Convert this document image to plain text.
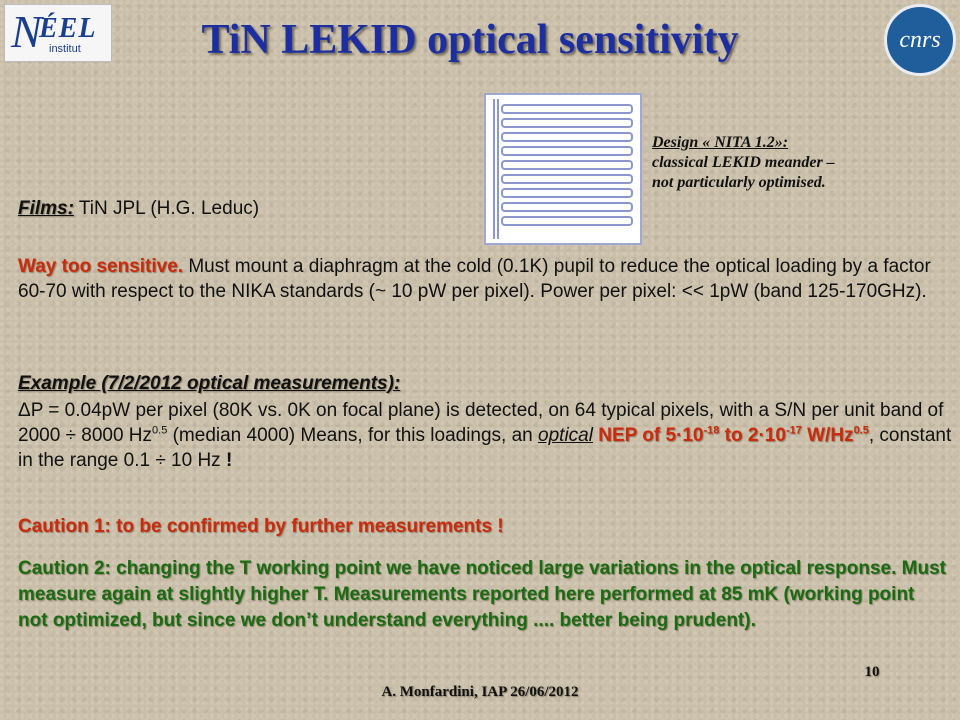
N
ÉEL
institut	TiN LEKID optical sensitivity	cnrs
Design « NITA 1.2»:
classical LEKID meander –
not particularly optimised.
Films: TiN JPL (H.G. Leduc)
Way too sensitive. Must mount a diaphragm at the cold (0.1K) pupil to reduce the optical loading by a factor 60-70 with respect to the NIKA standards (~ 10 pW per pixel). Power per pixel: << 1pW (band 125-170GHz).
Example (7/2/2012 optical measurements):
ΔP = 0.04pW per pixel (80K vs. 0K on focal plane) is detected, on 64 typical pixels, with a S/N per unit band of 2000 ÷ 8000 $Hz^{0.5}$ (median 4000) Means, for this loadings, an optical NEP of $5\cdot 10^{-18}$ to $2\cdot 10^{-17}$ $W/Hz^{0.5}$, constant in the range 0.1 ÷ 10 Hz !
Caution 1: to be confirmed by further measurements !
Caution 2: changing the T working point we have noticed large variations in the optical response. Must measure again at slightly higher T. Measurements reported here performed at 85 mK (working point not optimized, but since we don’t understand everything .... better being prudent).
10
A. Monfardini, IAP 26/06/2012
